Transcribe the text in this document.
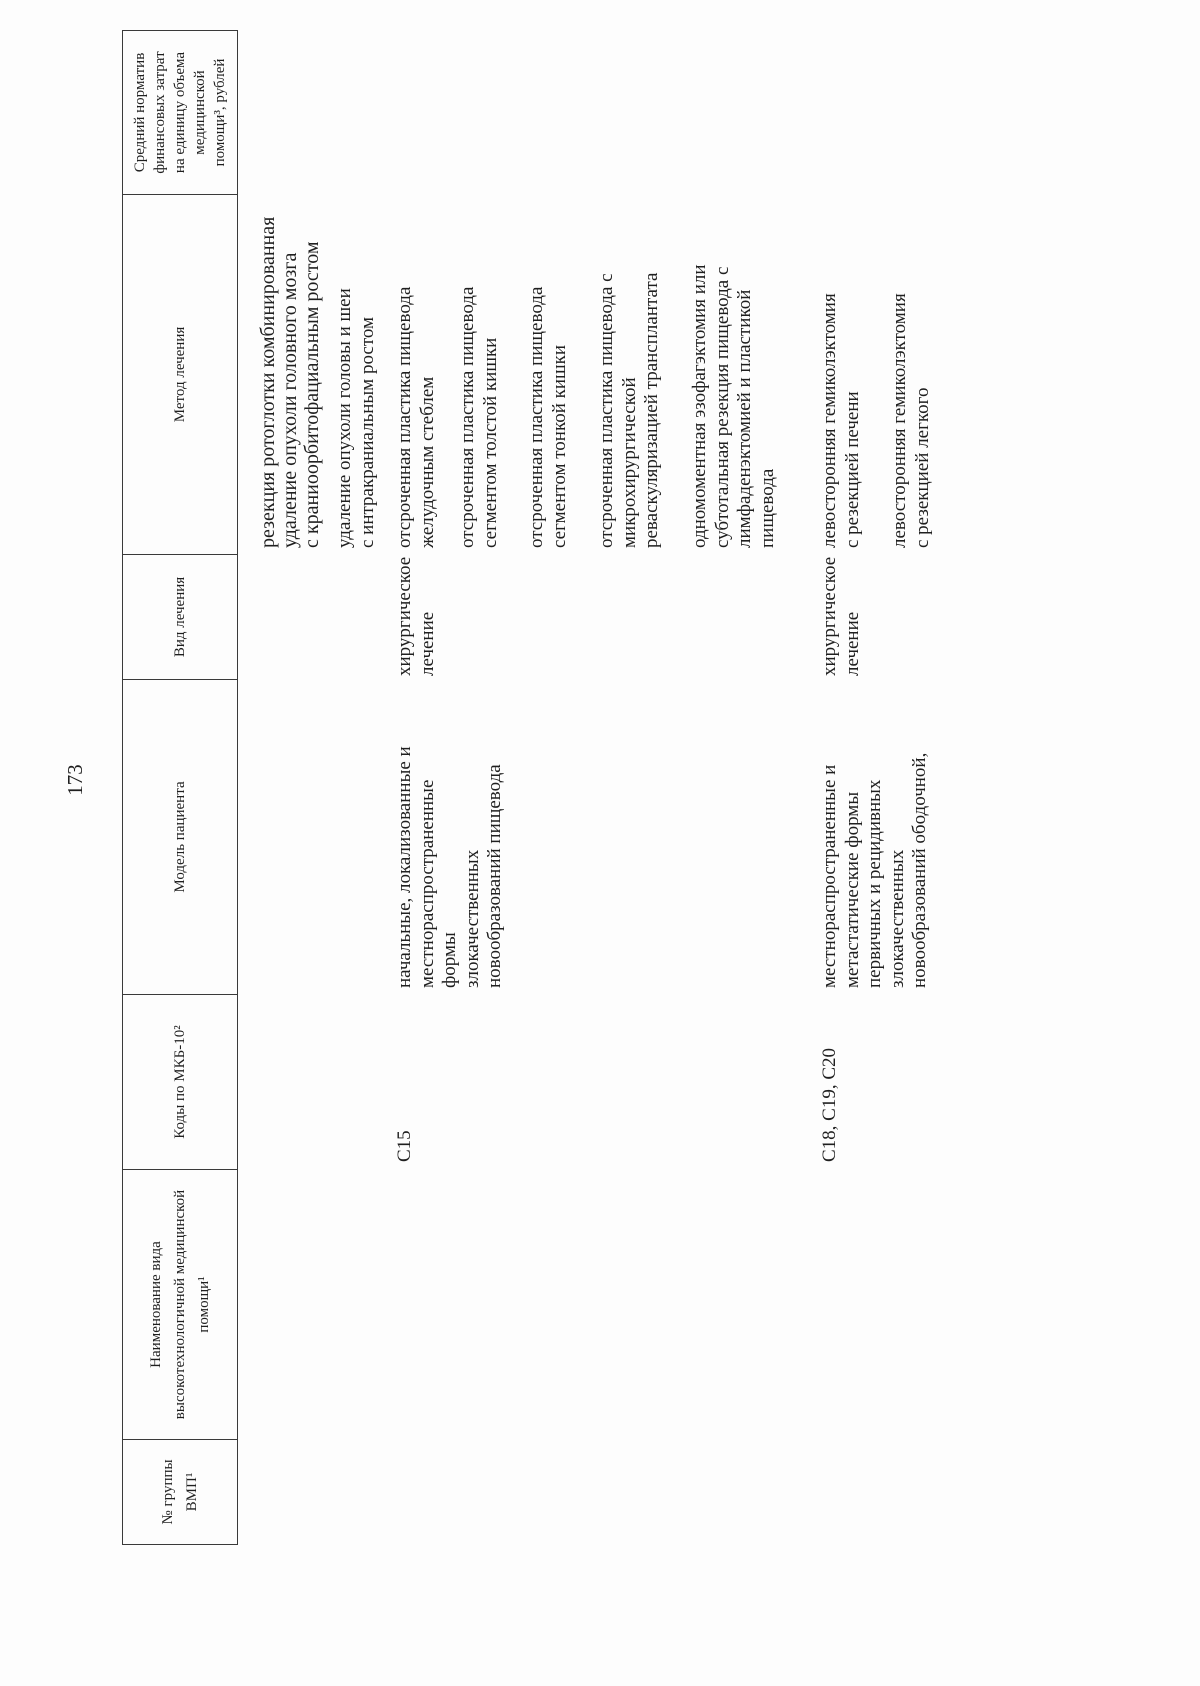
173
№ группы ВМП¹
Наименование вида высокотехнологичной медицинской помощи¹
Коды по МКБ-10²
Модель пациента
Вид лечения
Метод лечения
Средний норматив финансовых затрат на единицу объема медицинской помощи³, рублей
резекция ротоглотки комбинированная удаление опухоли головного мозга с краниоорбитофациальным ростом удаление опухоли головы и шеи с интракраниальным ростом
C15
начальные, локализованные и местнораспространенные формы злокачественных новообразований пищевода
хирургическое лечение
отсроченная пластика пищевода желудочным стеблем отсроченная пластика пищевода сегментом толстой кишки отсроченная пластика пищевода сегментом тонкой кишки отсроченная пластика пищевода с микрохирургической реваскуляризацией трансплантата одномоментная эзофагэктомия или субтотальная резекция пищевода с лимфаденэктомией и пластикой пищевода
C18, C19, C20
местнораспространенные и метастатические формы первичных и рецидивных злокачественных новообразований ободочной,
хирургическое лечение
левосторонняя гемиколэктомия с резекцией печени левосторонняя гемиколэктомия с резекцией легкого
